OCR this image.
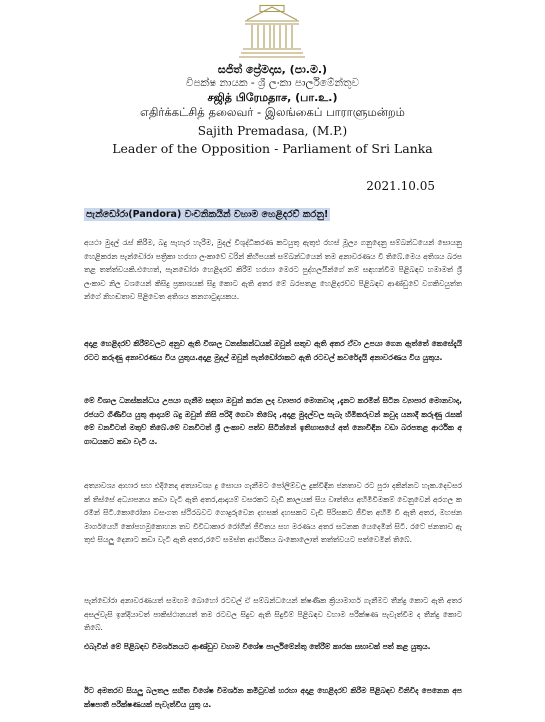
සජිත් ප්‍රේමදාස, (පා.ම.)
විපක්ෂ නායක - ශ්‍රී ලංකා පාර්ලිමේන්තුව
சஜித் பிரேமதாச, (பா.உ.)
எதிர்க்கட்சித் தலைவர் - இலங்கைப் பாராளுமன்றம்
Sajith Premadasa, (M.P.)
Leader of the Opposition - Parliament of Sri Lanka
2021.10.05
පැන්ඩෝරා(Pandora) වංචනිකයින් වහාම හෙළිදරව් කරනු!
අයථා මුදල් රැස් කිරීම, බදු පැහැර හැරීම, මුදල් විශුද්ධිකරණ කටයුතු ඇතුළු රහස් මූල්‍ය ගනුදෙනු සම්බන්ධයෙන් සොයනු හෙළිකරන පැන්ඩෝරා පත්‍රිකා හරහා ලංකාවේ වරින් කිහිපයක් සම්බන්ධයෙන් තම අනාවරණය වී තිබේ.මෙය අතිශය බරපතළ තත්ත්වයකි.එහෙත්, පැනඩෝරා හෙළිදරව් කිරීම් හරහා මෙරට පුද්ගලයින්ගේ නම් සඳහන්වීම පිළිබඳව හමාමත් ශ්‍රී ලංකාව නිල වශයෙන් කිසිදු ප්‍රකාශයක් සිදු කොට ඇති අතර මේ බරපතළ හෙළිදරව්ව පිළිබඳව ආණ්ඩුවේ වගකිවයුත්තන්ගේ නිහඬතාව පිළිවෙත අතිශය කනගාටුදායකය.
අදාළ හෙළිදරව් කිරීම්වලට අනුව ඇති විශාල ධනස්කන්ධයක් ඔවුන් සතුව ඇති අතර ඒවා උපයා ගෙන ඇත්තේ කෙසේදැයි රටට කරුණු අනාවරණය විය යුතුය.අදාළ මුදල් ඔවුන් පැන්ඩෝරාකට ඇති රටවල් කවරේදැයි අනාවරණය විය යුතුය.
මේ විශාල ධනස්කන්ධය උපයා ගැනීම සඳහා ඔවුන් කරන ලද ව්‍යාපාර මොනවාද ,දැනට කරමින් සිටින ව්‍යාපාර මොනවාද,රජයට ගිණිවිය යුතු ආදායම් බදු ඔවුන් නිසි පරිදි ගෙවා තිබේද ,අදාළ මුදල්වල සැබෑ හිමිකරුවන් කවුද යනාදී කරුණු රැසක් මේ වනවිටත් මතුව් තිබේ.මේ වනවිටත් ශ්‍රී ලංකාව පත්ව සිටින්නේ ඉතිහාසයේ අත් නොවිඳින වඩා බරපතළ ආර්ථික අගාධයකට කඩා වැටී ය.
අත්‍යාවශ්‍ය ආහාර සහ එදිනෙදා අත්‍යාවශ්‍ය ද්‍ර සොයා ගැනීමට පෝලිම්වල දුක්විඳින ජනතාව රට පුරා දකින්නට හැක.දෙවසරක් තිස්සේ අධ්‍යාපනය කඩා වැටී ඇති අතර,ආදායම් වසරකට වැඩි කාලයක් සිය වෘත්තිය අහිමිවිමකම් වෙනුවෙන් අරගල කරමින් සිටී.කොරෝනා වසංගත ස්ථිරබවට ගොදුරුවෙන දහසක් දහසකට වැඩි පිරිසකට ජීවිත අහිමි වී ඇති අතර, මහජන මාර්ගයෙහි කෝපහමුකොහන තව විවිධාකාර රෝගීන් ජීවිතය සහ මරණය අතර සටනක යෙදෙමින් සිටී. රටේ ජනතාව ඇතුළු සියලු දෙනාට කඩා වැටී ඇති අතර,රටේ සමස්ත ආර්ථිකය බංකොලොත් තත්ත්වයට පත්වෙමින් තිබේ.
පැන්ඩෝරා අනාවරණයත් සමඟම බොහෝ රටවල් ඒ සම්බන්ධයෙන් ක්ෂණික ක්‍රියාමාර්ග ගැනීමට තීන්දු කොට ඇති අතර අසල්වැසි ඉන්දියාවත් පාකිස්ථානයත් තම රටවල සිදුව ඇති සිදුවීම් පිළිබඳව වහාම පරීක්ෂණ පැවැත්වීම ද තීන්දු කොට තිබේ.
එබැවින් මේ පිළිබඳව විමර්ශනයට ආණ්ඩුව වහාම විශේෂ පාර්ලිමේන්තු තේරීම් කාරක සභාවක් පත් කළ යුතුය.
ඊට අමතරව සියලු බලතල සහිත විශේෂ විමර්ශන කමිටුවක් හරහා අදාළ හෙළිදරව් කිරීම පිළිබඳව විනිවිද පෙනෙන අපක්ෂපාතී පරීක්ෂණයක් පැවැත්විය යුතු ය.
